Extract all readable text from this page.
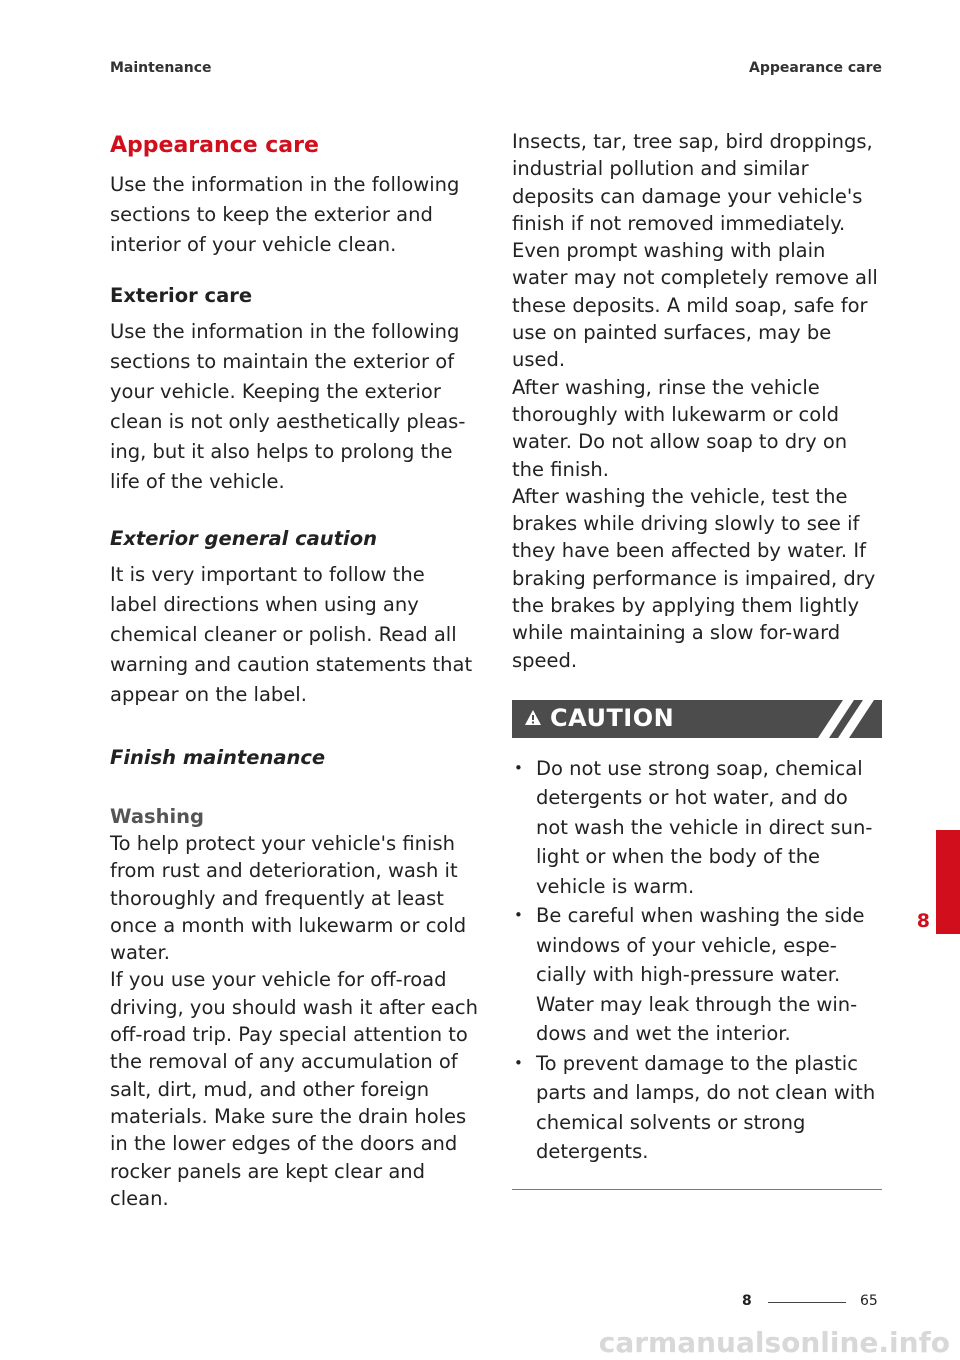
Maintenance	Appearance care
Appearance care

Use the information in the following sections to keep the exterior and interior of your vehicle clean.

Exterior care

Use the information in the following sections to maintain the exterior of your vehicle. Keeping the exterior clean is not only aesthetically pleas-ing, but it also helps to prolong the life of the vehicle.

Exterior general caution

It is very important to follow the label directions when using any chemical cleaner or polish. Read all warning and caution statements that appear on the label.

Finish maintenance
Washing

To help protect your vehicle's finish from rust and deterioration, wash it thoroughly and frequently at least once a month with lukewarm or cold water.

If you use your vehicle for off-road driving, you should wash it after each off-road trip. Pay special attention to the removal of any accumulation of salt, dirt, mud, and other foreign materials. Make sure the drain holes in the lower edges of the doors and rocker panels are kept clear and clean.

Insects, tar, tree sap, bird droppings, industrial pollution and similar deposits can damage your vehicle's finish if not removed immediately. Even prompt washing with plain water may not completely remove all these deposits. A mild soap, safe for use on painted surfaces, may be used.

After washing, rinse the vehicle thoroughly with lukewarm or cold water. Do not allow soap to dry on the finish.

After washing the vehicle, test the brakes while driving slowly to see if they have been affected by water. If braking performance is impaired, dry the brakes by applying them lightly while maintaining a slow for-ward speed.

CAUTION
• Do not use strong soap, chemical detergents or hot water, and do not wash the vehicle in direct sun-light or when the body of the vehicle is warm.
• Be careful when washing the side windows of your vehicle, espe-cially with high-pressure water. Water may leak through the win-dows and wet the interior.
• To prevent damage to the plastic parts and lamps, do not clean with chemical solvents or strong detergents.
8
8	65
carmanualsonline.info
